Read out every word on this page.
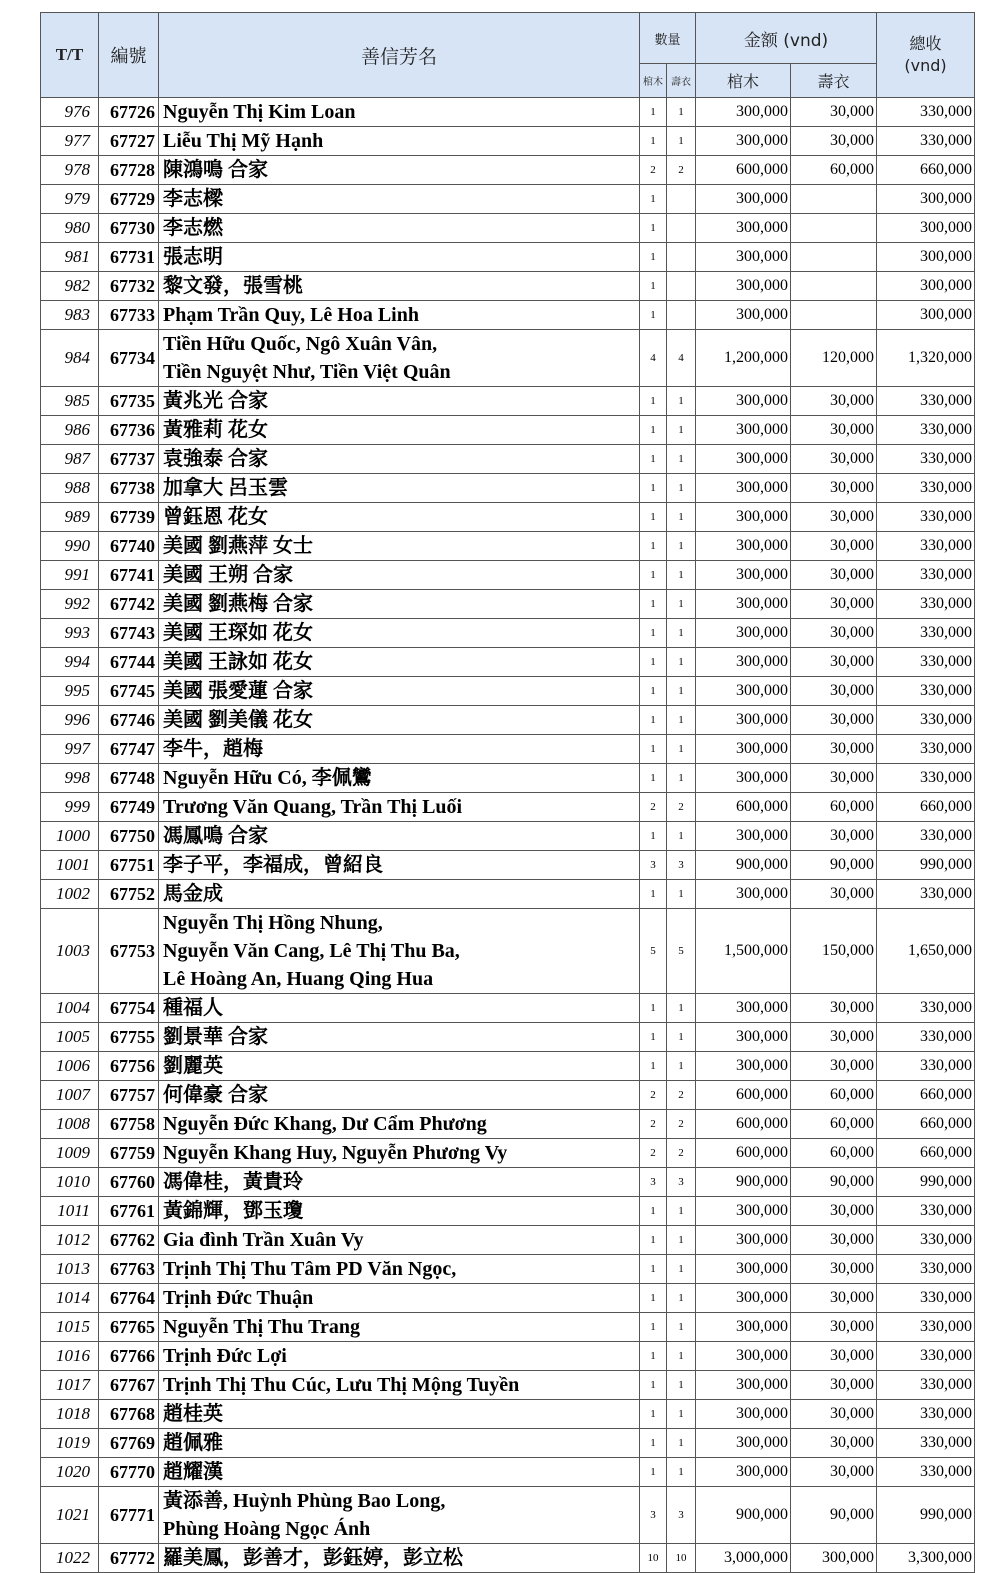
T/T	編號	善信芳名	數量		金额 (vnd)		總收
(vnd)

			棺木	壽衣	棺木	壽衣	
976	67726	Nguyễn Thị Kim Loan	1	1	300,000	30,000	330,000
977	67727	Liễu Thị Mỹ Hạnh	1	1	300,000	30,000	330,000
978	67728	陳鴻鳴 合家	2	2	600,000	60,000	660,000
979	67729	李志樑	1		300,000		300,000
980	67730	李志燃	1		300,000		300,000
981	67731	張志明	1		300,000		300,000
982	67732	黎文發，張雪桃	1		300,000		300,000
983	67733	Phạm Trần Quy, Lê Hoa Linh	1		300,000		300,000
984	67734	Tiền Hữu Quốc, Ngô Xuân Vân,
Tiền Nguyệt Như, Tiền Việt Quân	4	4	1,200,000	120,000	1,320,000
985	67735	黃兆光 合家	1	1	300,000	30,000	330,000
986	67736	黃雅莉 花女	1	1	300,000	30,000	330,000
987	67737	袁強泰 合家	1	1	300,000	30,000	330,000
988	67738	加拿大 呂玉雲	1	1	300,000	30,000	330,000
989	67739	曾鈺恩 花女	1	1	300,000	30,000	330,000
990	67740	美國 劉燕萍 女士	1	1	300,000	30,000	330,000
991	67741	美國 王朔 合家	1	1	300,000	30,000	330,000
992	67742	美國 劉燕梅 合家	1	1	300,000	30,000	330,000
993	67743	美國 王琛如 花女	1	1	300,000	30,000	330,000
994	67744	美國 王詠如 花女	1	1	300,000	30,000	330,000
995	67745	美國 張愛蓮 合家	1	1	300,000	30,000	330,000
996	67746	美國 劉美儀 花女	1	1	300,000	30,000	330,000
997	67747	李牛，趙梅	1	1	300,000	30,000	330,000
998	67748	Nguyễn Hữu Có, 李佩鸞	1	1	300,000	30,000	330,000
999	67749	Trương Văn Quang, Trần Thị Luối	2	2	600,000	60,000	660,000
1000	67750	馮鳳鳴 合家	1	1	300,000	30,000	330,000
1001	67751	李子平，李福成，曾紹良	3	3	900,000	90,000	990,000
1002	67752	馬金成	1	1	300,000	30,000	330,000
1003	67753	Nguyễn Thị Hồng Nhung,
Nguyễn Văn Cang, Lê Thị Thu Ba,
Lê Hoàng An, Huang Qing Hua	5	5	1,500,000	150,000	1,650,000
1004	67754	種福人	1	1	300,000	30,000	330,000
1005	67755	劉景華 合家	1	1	300,000	30,000	330,000
1006	67756	劉麗英	1	1	300,000	30,000	330,000
1007	67757	何偉豪 合家	2	2	600,000	60,000	660,000
1008	67758	Nguyễn Đức Khang, Dư Cẩm Phương	2	2	600,000	60,000	660,000
1009	67759	Nguyễn Khang Huy, Nguyễn Phương Vy	2	2	600,000	60,000	660,000
1010	67760	馮偉桂，黃貴玲	3	3	900,000	90,000	990,000
1011	67761	黃錦輝，鄧玉瓊	1	1	300,000	30,000	330,000
1012	67762	Gia đình Trần Xuân Vy	1	1	300,000	30,000	330,000
1013	67763	Trịnh Thị Thu Tâm PD Văn Ngọc,	1	1	300,000	30,000	330,000
1014	67764	Trịnh Đức Thuận	1	1	300,000	30,000	330,000
1015	67765	Nguyễn Thị Thu Trang	1	1	300,000	30,000	330,000
1016	67766	Trịnh Đức Lợi	1	1	300,000	30,000	330,000
1017	67767	Trịnh Thị Thu Cúc, Lưu Thị Mộng Tuyền	1	1	300,000	30,000	330,000
1018	67768	趙桂英	1	1	300,000	30,000	330,000
1019	67769	趙佩雅	1	1	300,000	30,000	330,000
1020	67770	趙耀漢	1	1	300,000	30,000	330,000
1021	67771	黃添善, Huỳnh Phùng Bao Long,
Phùng Hoàng Ngọc Ánh	3	3	900,000	90,000	990,000
1022	67772	羅美鳳，彭善才，彭鈺婷，彭立松	10	10	3,000,000	300,000	3,300,000
